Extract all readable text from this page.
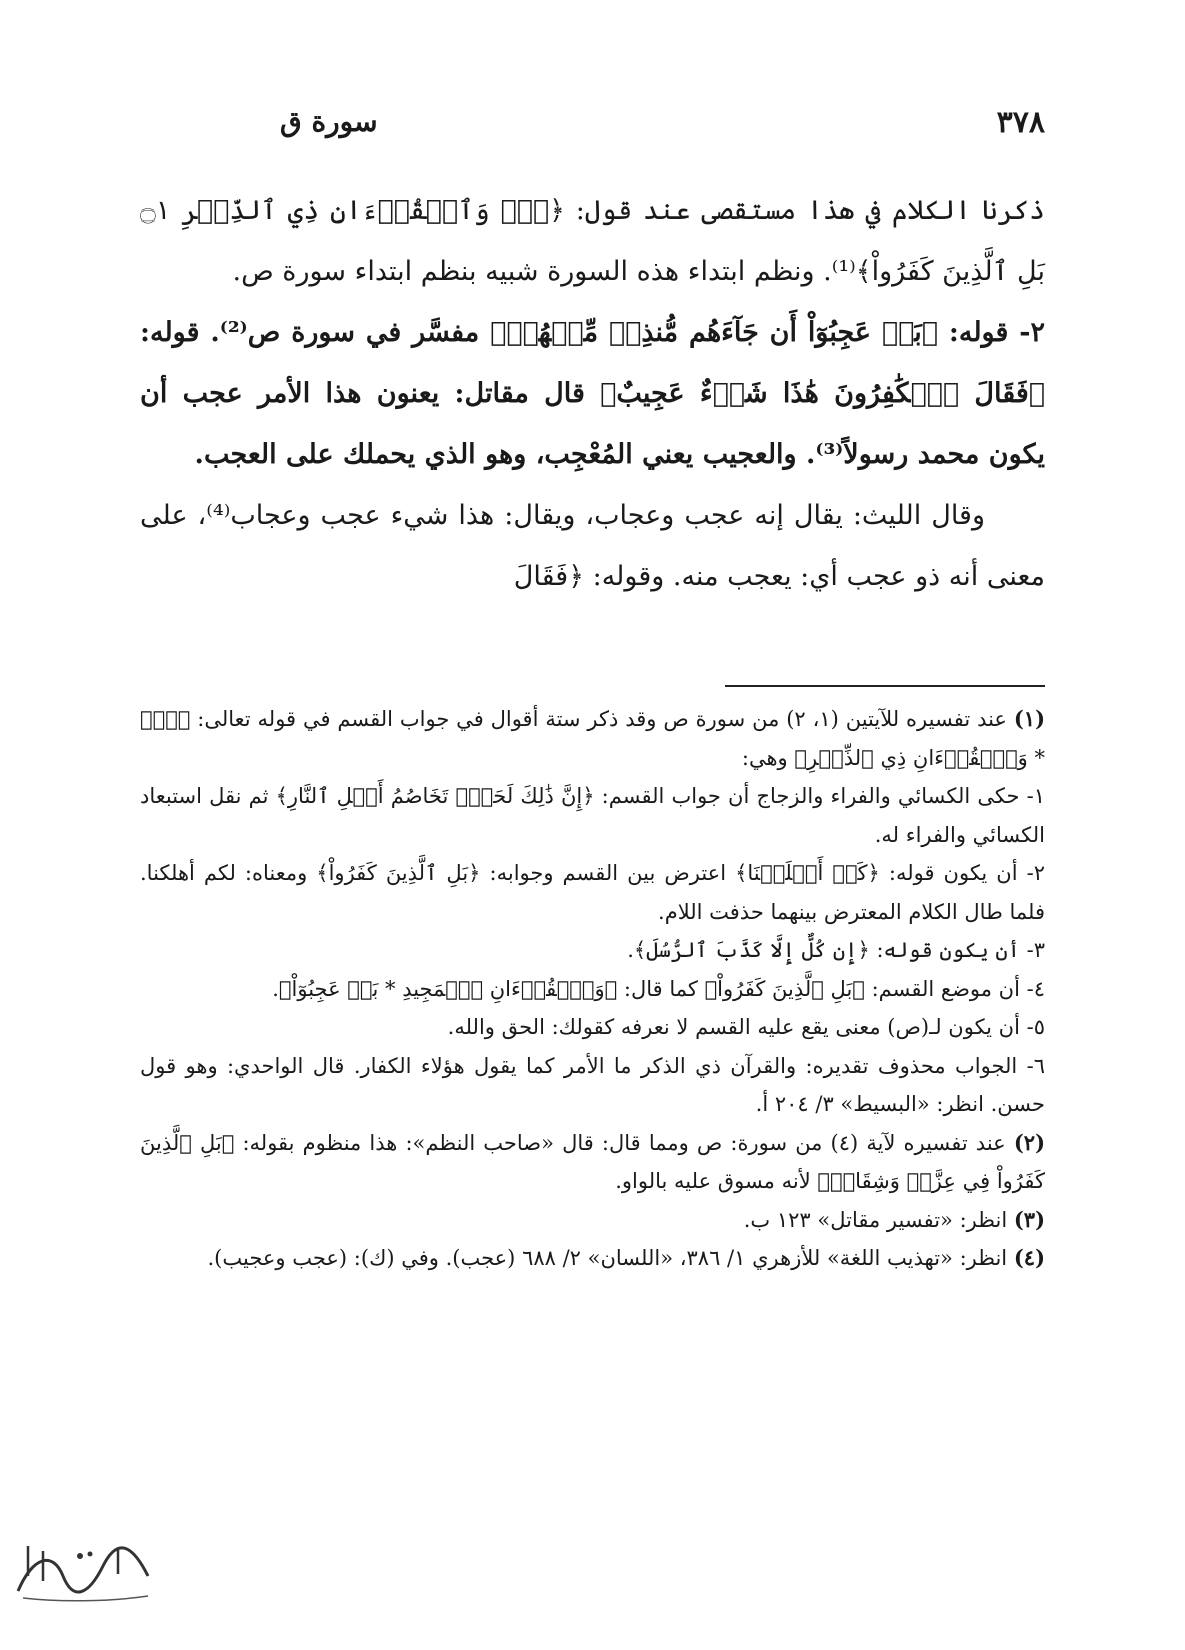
٣٧٨
سورة ق

ذكرنا الكلام في هذا مستقصى عند قول: ﴿صٓۚ وَٱلۡقُرۡءَانِ ذِي ٱلذِّكۡرِ ۝١ بَلِ ٱلَّذِينَ كَفَرُواْ﴾⁽¹⁾. ونظم ابتداء هذه السورة شبيه بنظم ابتداء سورة ص.

٢- قوله: ﴿بَلۡ عَجِبُوٓاْ أَن جَآءَهُم مُّنذِرٞ مِّنۡهُمۡ﴾ مفسَّر في سورة ص⁽²⁾. قوله: ﴿فَقَالَ ٱلۡكَٰفِرُونَ هَٰذَا شَيۡءٌ عَجِيبٌ﴾ قال مقاتل: يعنون هذا الأمر عجب أن يكون محمد رسولاً⁽³⁾. والعجيب يعني المُعْجِب، وهو الذي يحملك على العجب.

وقال الليث: يقال إنه عجب وعجاب، ويقال: هذا شيء عجب وعجاب⁽⁴⁾، على معنى أنه ذو عجب أي: يعجب منه. وقوله: ﴿فَقَالَ

(١) عند تفسيره للآيتين (١، ٢) من سورة ص وقد ذكر ستة أقوال في جواب القسم في قوله تعالى: ﴿صٓۚ * وَٱلۡقُرۡءَانِ ذِي ٱلذِّكۡرِ﴾ وهي:

١- حكى الكسائي والفراء والزجاج أن جواب القسم: ﴿إِنَّ ذَٰلِكَ لَحَقّٞ تَخَاصُمُ أَهۡلِ ٱلنَّارِ﴾ ثم نقل استبعاد الكسائي والفراء له.

٢- أن يكون قوله: ﴿كَمۡ أَهۡلَكۡنَا﴾ اعترض بين القسم وجوابه: ﴿بَلِ ٱلَّذِينَ كَفَرُواْ﴾ ومعناه: لكم أهلكنا. فلما طال الكلام المعترض بينهما حذفت اللام.

٣- أن يكون قوله: ﴿إِن كُلٌّ إِلَّا كَذَّبَ ٱلرُّسُلَ﴾.

٤- أن موضع القسم: ﴿بَلِ ٱلَّذِينَ كَفَرُواْ﴾ كما قال: ﴿وَٱلۡقُرۡءَانِ ٱلۡمَجِيدِ * بَلۡ عَجِبُوٓاْ﴾.

٥- أن يكون لـ(ص) معنى يقع عليه القسم لا نعرفه كقولك: الحق والله.

٦- الجواب محذوف تقديره: والقرآن ذي الذكر ما الأمر كما يقول هؤلاء الكفار. قال الواحدي: وهو قول حسن. انظر: «البسيط» ٣/ ٢٠٤ أ.

(٢) عند تفسيره لآية (٤) من سورة: ص ومما قال: قال «صاحب النظم»: هذا منظوم بقوله: ﴿بَلِ ٱلَّذِينَ كَفَرُواْ فِي عِزَّةٖ وَشِقَاقٖ﴾ لأنه مسوق عليه بالواو.

(٣) انظر: «تفسير مقاتل» ١٢٣ ب.

(٤) انظر: «تهذيب اللغة» للأزهري ١/ ٣٨٦، «اللسان» ٢/ ٦٨٨ (عجب). وفي (ك): (عجب وعجيب).
